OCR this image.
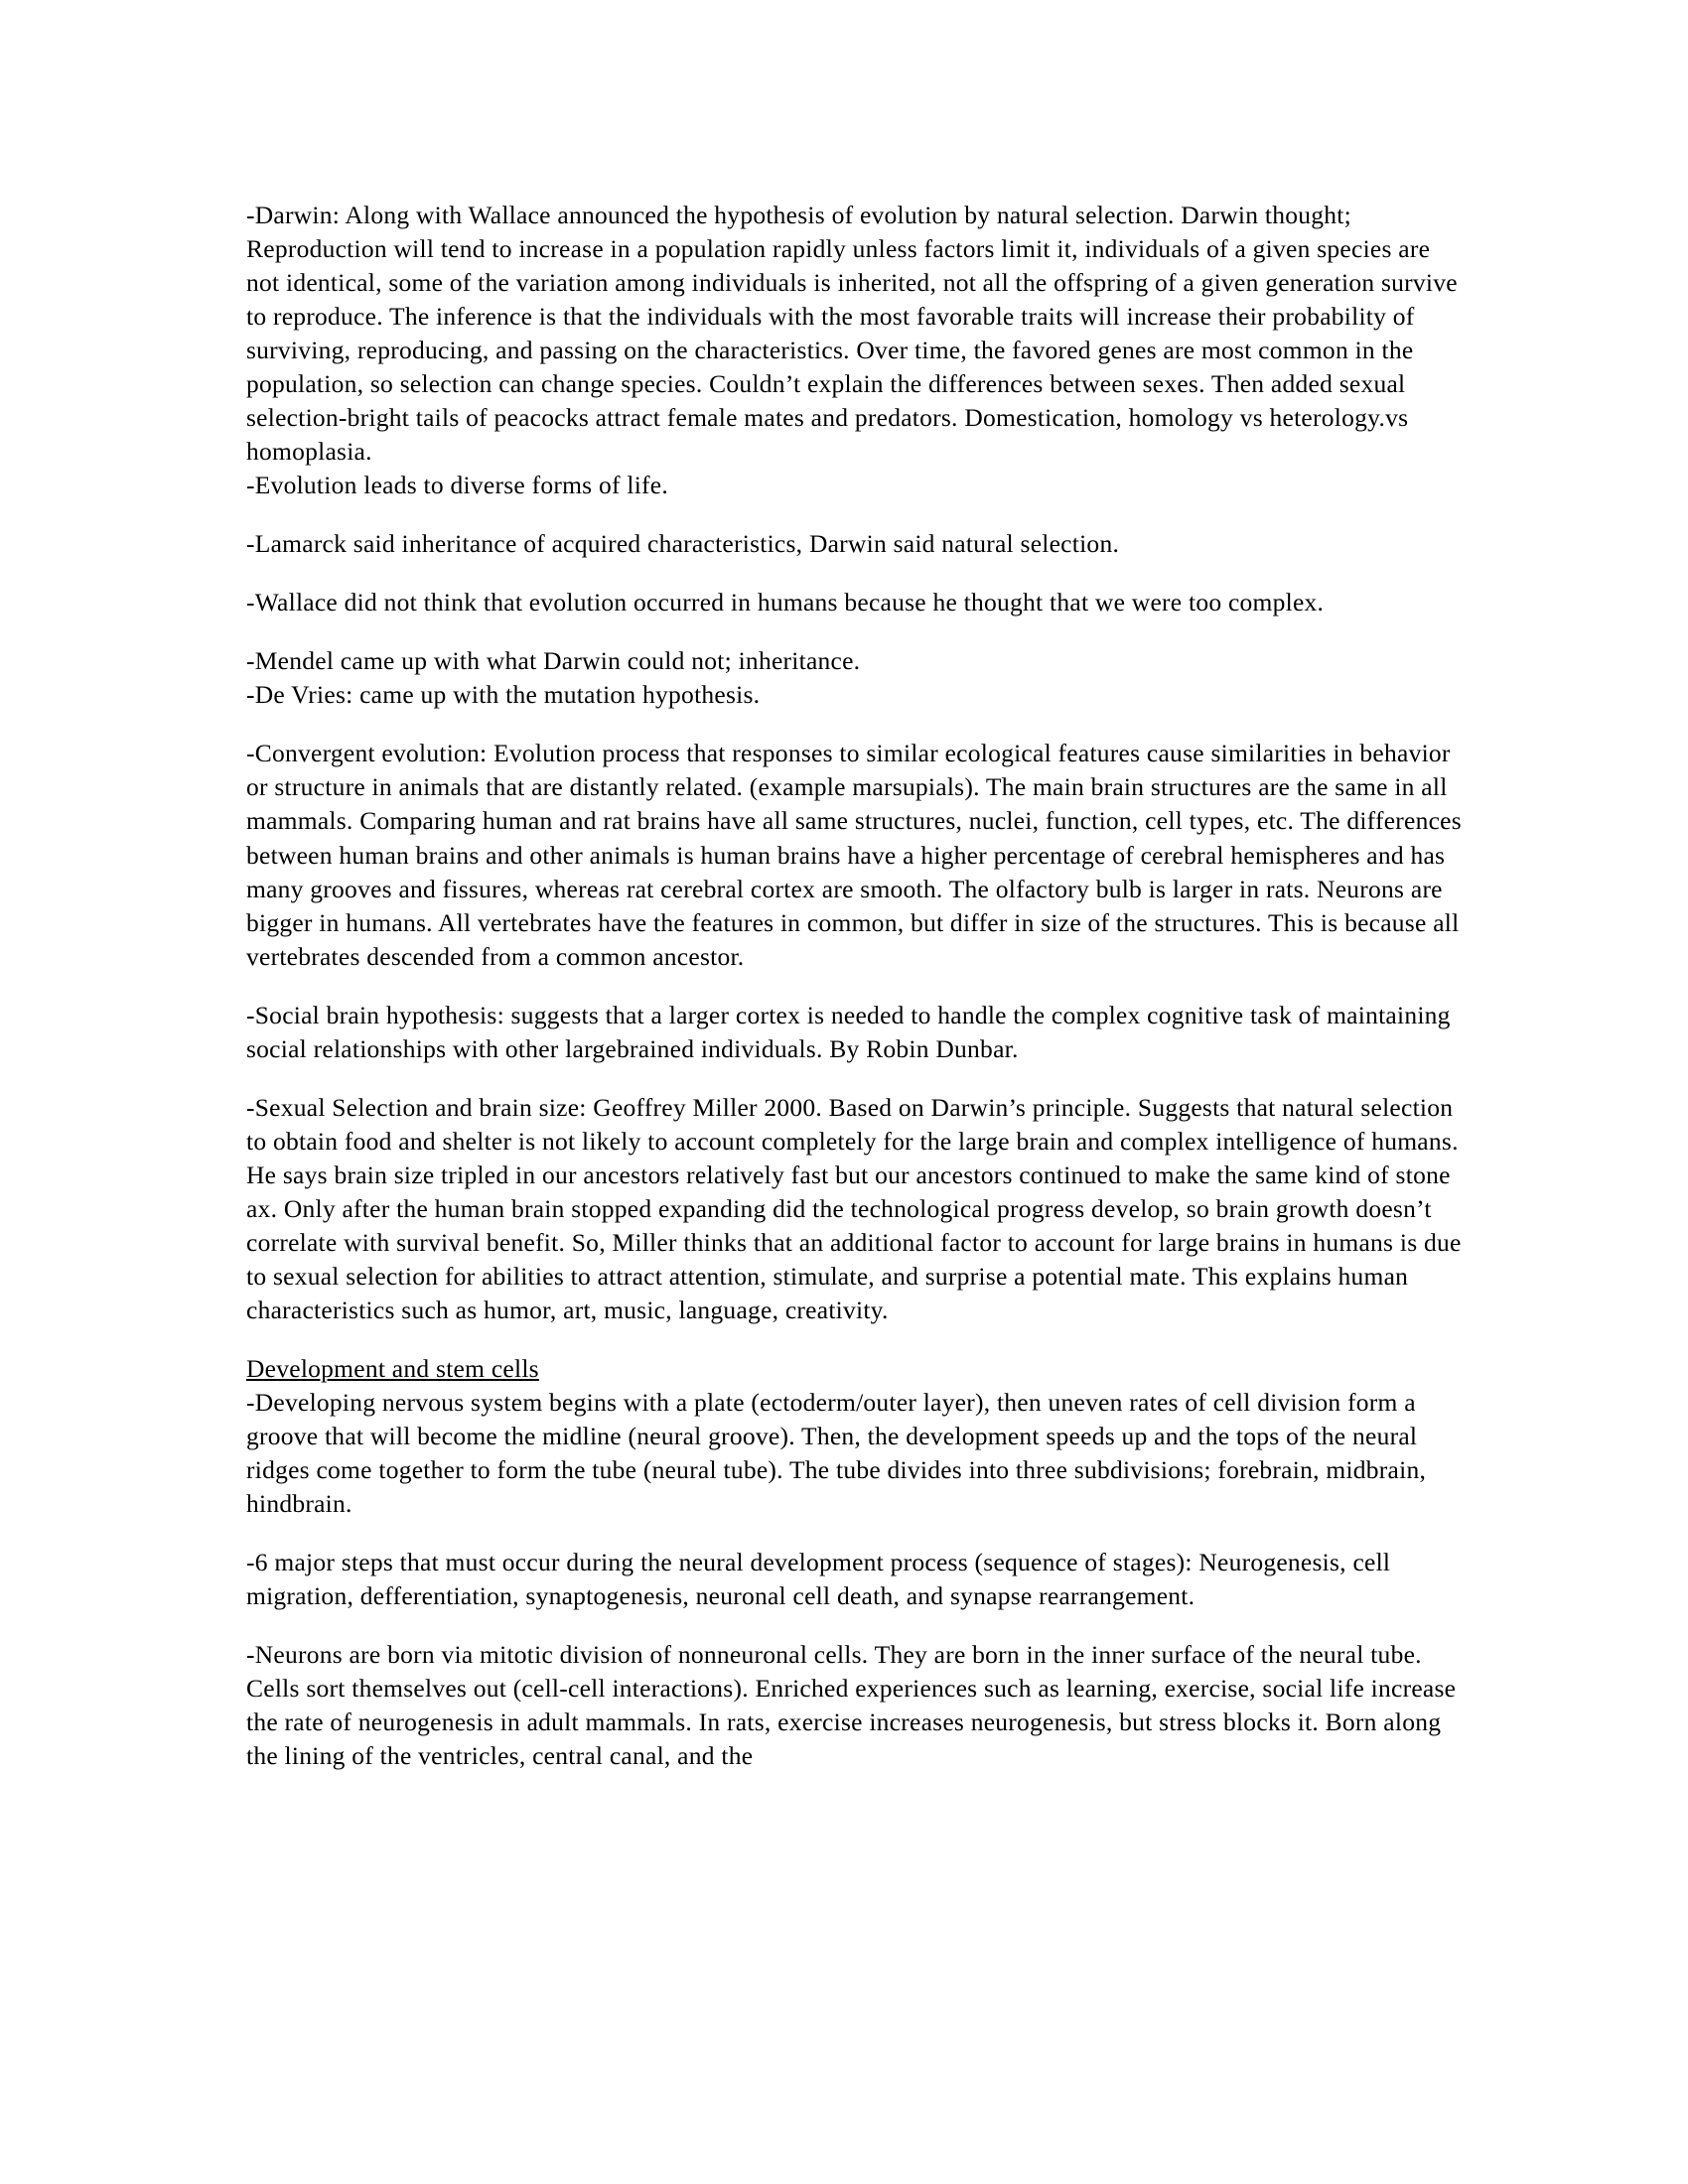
-Darwin: Along with Wallace announced the hypothesis of evolution by natural selection. Darwin thought; Reproduction will tend to increase in a population rapidly unless factors limit it, individuals of a given species are not identical, some of the variation among individuals is inherited, not all the offspring of a given generation survive to reproduce. The inference is that the individuals with the most favorable traits will increase their probability of surviving, reproducing, and passing on the characteristics. Over time, the favored genes are most common in the population, so selection can change species. Couldn’t explain the differences between sexes. Then added sexual selection-bright tails of peacocks attract female mates and predators. Domestication, homology vs heterology.vs homoplasia.

-Evolution leads to diverse forms of life.

-Lamarck said inheritance of acquired characteristics, Darwin said natural selection.

-Wallace did not think that evolution occurred in humans because he thought that we were too complex.

-Mendel came up with what Darwin could not; inheritance.

-De Vries: came up with the mutation hypothesis.

-Convergent evolution: Evolution process that responses to similar ecological features cause similarities in behavior or structure in animals that are distantly related. (example marsupials). The main brain structures are the same in all mammals. Comparing human and rat brains have all same structures, nuclei, function, cell types, etc. The differences between human brains and other animals is human brains have a higher percentage of cerebral hemispheres and has many grooves and fissures, whereas rat cerebral cortex are smooth. The olfactory bulb is larger in rats. Neurons are bigger in humans. All vertebrates have the features in common, but differ in size of the structures. This is because all vertebrates descended from a common ancestor.

-Social brain hypothesis: suggests that a larger cortex is needed to handle the complex cognitive task of maintaining social relationships with other largebrained individuals. By Robin Dunbar.

-Sexual Selection and brain size: Geoffrey Miller 2000. Based on Darwin’s principle. Suggests that natural selection to obtain food and shelter is not likely to account completely for the large brain and complex intelligence of humans. He says brain size tripled in our ancestors relatively fast but our ancestors continued to make the same kind of stone ax. Only after the human brain stopped expanding did the technological progress develop, so brain growth doesn’t correlate with survival benefit. So, Miller thinks that an additional factor to account for large brains in humans is due to sexual selection for abilities to attract attention, stimulate, and surprise a potential mate. This explains human characteristics such as humor, art, music, language, creativity.

Development and stem cells

-Developing nervous system begins with a plate (ectoderm/outer layer), then uneven rates of cell division form a groove that will become the midline (neural groove). Then, the development speeds up and the tops of the neural ridges come together to form the tube (neural tube). The tube divides into three subdivisions; forebrain, midbrain, hindbrain.

-6 major steps that must occur during the neural development process (sequence of stages): Neurogenesis, cell migration, defferentiation, synaptogenesis, neuronal cell death, and synapse rearrangement.

-Neurons are born via mitotic division of nonneuronal cells. They are born in the inner surface of the neural tube. Cells sort themselves out (cell-cell interactions). Enriched experiences such as learning, exercise, social life increase the rate of neurogenesis in adult mammals. In rats, exercise increases neurogenesis, but stress blocks it. Born along the lining of the ventricles, central canal, and the
